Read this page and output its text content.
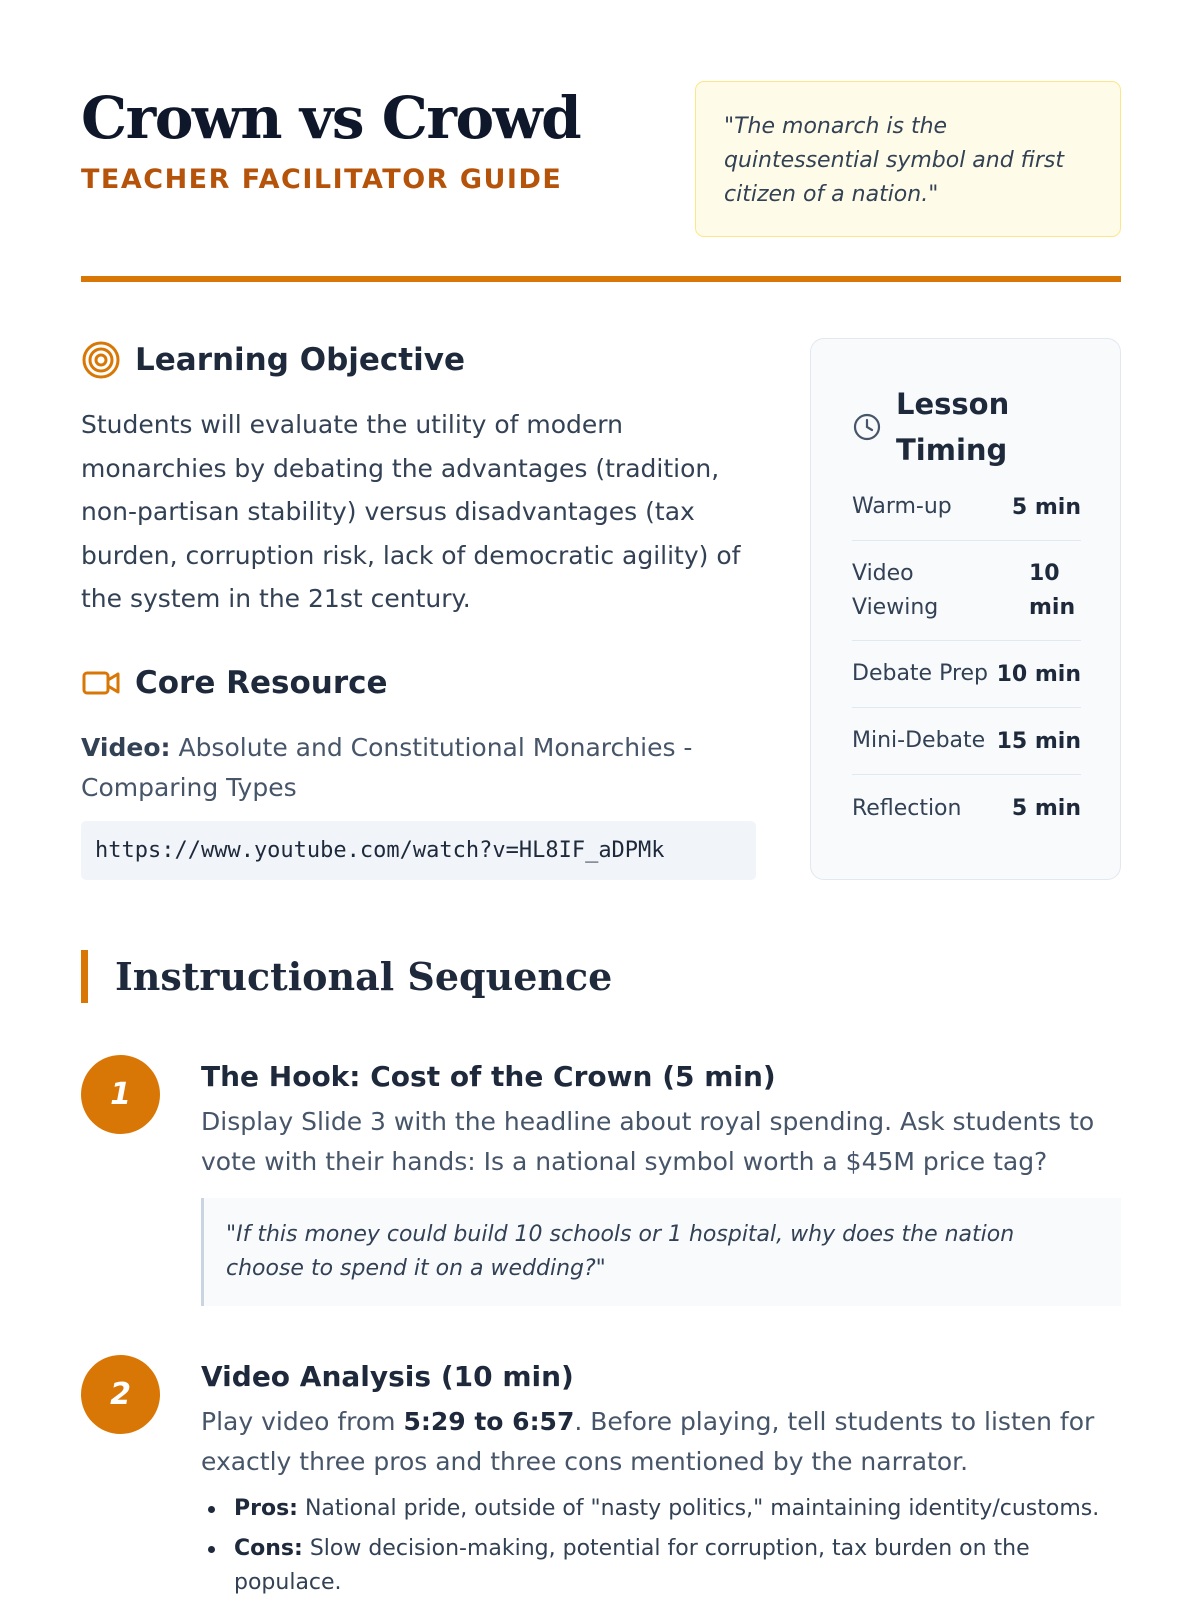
Crown vs Crowd
TEACHER FACILITATOR GUIDE

"The monarch is the quintessential symbol and first citizen of a nation."

Learning Objective

Students will evaluate the utility of modern monarchies by debating the advantages (tradition, non-partisan stability) versus disadvantages (tax burden, corruption risk, lack of democratic agility) of the system in the 21st century.

Core Resource

Video: Absolute and Constitutional Monarchies - Comparing Types

https://www.youtube.com/watch?v=HL8IF_aDPMk
Lesson Timing
Warm-up	5 min
Video Viewing
10 min
Debate Prep 10 min
Mini-Debate 15 min
Reflection 5 min
Instructional Sequence
1
The Hook: Cost of the Crown (5 min)

Display Slide 3 with the headline about royal spending. Ask students to vote with their hands: Is a national symbol worth a $45M price tag?

"If this money could build 10 schools or 1 hospital, why does the nation choose to spend it on a wedding?"
2
Video Analysis (10 min)

Play video from 5:29 to 6:57. Before playing, tell students to listen for exactly three pros and three cons mentioned by the narrator.

Pros: National pride, outside of "nasty politics," maintaining identity/customs.
Cons: Slow decision-making, potential for corruption, tax burden on the populace.
